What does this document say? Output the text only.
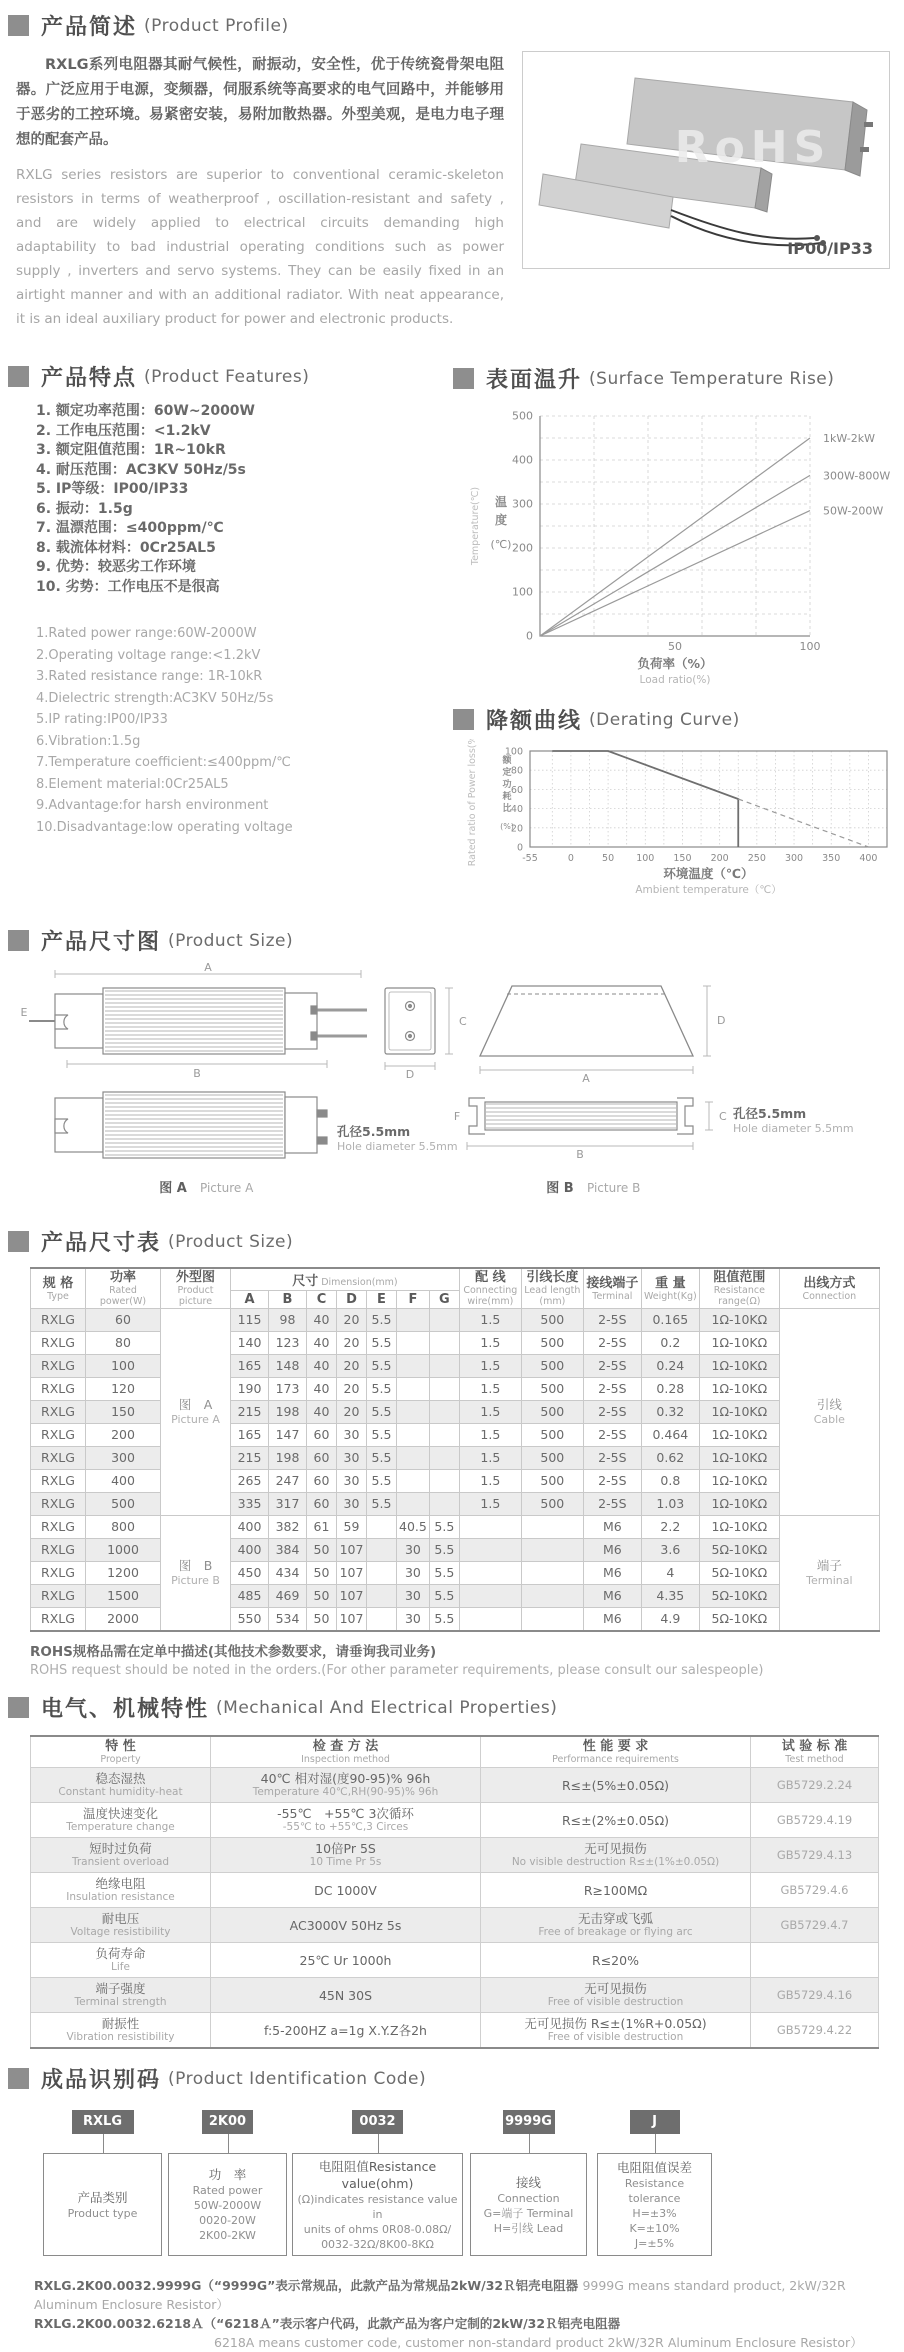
产品简述 (Product Profile)
RXLG系列电阻器其耐气候性，耐振动，安全性，优于传统瓷骨架电阻器。广泛应用于电源，变频器，伺服系统等高要求的电气回路中，并能够用于恶劣的工控环境。易紧密安装，易附加散热器。外型美观，是电力电子理想的配套产品。
RXLG series resistors are superior to conventional ceramic-skeleton resistors in terms of weatherproof , oscillation-resistant and safety , and are widely applied to electrical circuits demanding high adaptability to bad industrial operating conditions such as power supply , inverters and servo systems. They can be easily fixed in an airtight manner and with an additional radiator. With neat appearance, it is an ideal auxiliary product for power and electronic products.
RoHS
IP00/IP33
产品特点 (Product Features)
1. 额定功率范围：60W~2000W
2. 工作电压范围：<1.2kV
3. 额定阻值范围：1R~10kR
4. 耐压范围：AC3KV 50Hz/5s
5. IP等级：IP00/IP33
6. 振动：1.5g
7. 温漂范围：≤400ppm/℃
8. 载流体材料：0Cr25AL5
9. 优势：较恶劣工作环境
10. 劣势：工作电压不是很高
1.Rated power range:60W-2000W
2.Operating voltage range:<1.2kV
3.Rated resistance range: 1R-10kR
4.Dielectric strength:AC3KV 50Hz/5s
5.IP rating:IP00/IP33
6.Vibration:1.5g
7.Temperature coefficient:≤400ppm/℃
8.Element material:0Cr25AL5
9.Advantage:for harsh environment
10.Disadvantage:low operating voltage
表面温升 (Surface Temperature Rise)
0
100
200
300
400
500
50	100
1kW-2kW
300W-800W
50W-200W
负荷率（%）
Load ratio(%)
温
度
(℃)
Temperature(℃)
降额曲线 (Derating Curve)
0
20
40
60
80
100
-55	0	50 100 150 200 250 300 350 400
环境温度（℃）
Ambient temperature（℃）
额
定
功
耗
比
(%)
Rated ratio of Power loss(%)
产品尺寸图 (Product Size)
A
B
E
C
D	A
D
F	C
B
孔径5.5mm
Hole diameter 5.5mm
孔径5.5mm
Hole diameter 5.5mm
图 A Picture A	图 B Picture B
产品尺寸表 (Product Size)
规 格
Type

功率
Rated power(W)

外型图
Product picture
	尺寸 Dimension(mm)	配 线
Connecting wire(mm)

引线长度
Lead length (mm)

接线端子
Terminal

重 量
Weight(Kg)

阻值范围
Resistance range(Ω)

出线方式
Connection

			A	B	C	D	E	F	G						

RXLG	60	
图　A
Picture A
	115	98	40	20	5.5			1.5	500	2-5S	0.165	1Ω-10KΩ	
引线
Cable

RXLG	80		140	123	40	20	5.5			1.5	500	2-5S	0.2	1Ω-10KΩ	
RXLG	100		165	148	40	20	5.5			1.5	500	2-5S	0.24	1Ω-10KΩ	
RXLG	120		190	173	40	20	5.5			1.5	500	2-5S	0.28	1Ω-10KΩ	
RXLG	150		215	198	40	20	5.5			1.5	500	2-5S	0.32	1Ω-10KΩ	
RXLG	200		165	147	60	30	5.5			1.5	500	2-5S	0.464	1Ω-10KΩ	
RXLG	300		215	198	60	30	5.5			1.5	500	2-5S	0.62	1Ω-10KΩ	
RXLG	400		265	247	60	30	5.5			1.5	500	2-5S	0.8	1Ω-10KΩ	
RXLG	500		335	317	60	30	5.5			1.5	500	2-5S	1.03	1Ω-10KΩ	
RXLG	800	
图　B
Picture B
	400	382	61	59		40.5	5.5			M6	2.2	1Ω-10KΩ	
端子
Terminal

RXLG	1000		400	384	50	107		30	5.5			M6	3.6	5Ω-10KΩ	
RXLG	1200		450	434	50	107		30	5.5			M6	4	5Ω-10KΩ	
RXLG	1500		485	469	50	107		30	5.5			M6	4.35	5Ω-10KΩ	
RXLG	2000		550	534	50	107		30	5.5			M6	4.9	5Ω-10KΩ	
ROHS规格品需在定单中描述(其他技术参数要求，请垂询我司业务)
ROHS request should be noted in the orders.(For other parameter requirements, please consult our salespeople)
电气、机械特性 (Mechanical And Electrical Properties)
特 性
Property

检 查 方 法
Inspection method

性 能 要 求
Performance requirements

试 验 标 准
Test method

稳态湿热
Constant humidity-heat

40℃ 相对湿(度90-95)% 96h
Temperature 40℃,RH(90-95)% 96h	R≤±(5%±0.05Ω)	GB5729.2.24

温度快速变化
Temperature change

-55℃　+55℃ 3次循环
-55℃ to +55℃,3 Circes	R≤±(2%±0.05Ω)	GB5729.4.19

短时过负荷
Transient overload

10倍Pr 5S
10 Time Pr 5s

无可见损伤
No visible destruction R≤±(1%±0.05Ω)
	GB5729.4.13

绝缘电阻
Insulation resistance	DC 1000V	R≥100MΩ	GB5729.4.6

耐电压
Voltage resistibility	AC3000V 50Hz 5s	无击穿或飞弧
Free of breakage or flying arc
	GB5729.4.7

负荷寿命
Life	25℃ Ur 1000h	R≤20%	

端子强度
Terminal strength	45N 30S	无可见损伤
Free of visible destruction
	GB5729.4.16

耐振性
Vibration resistibility	f:5-200HZ a=1g X.Y.Z各2h	无可见损伤 R≤±(1%R+0.05Ω)
Free of visible destruction
	GB5729.4.22
成品识别码 (Product Identification Code)
RXLG
产品类别
Product type
2K00
功　率
Rated power
50W-2000W
0020-20W
2K00-2KW
0032
电阻阻值Resistance value(ohm)
(Ω)indicates resistance value in
units of ohms 0R08-0.08Ω/
0032-32Ω/8K00-8KΩ
9999G
接线
Connection
G=端子 Terminal
H=引线 Lead
J
电阻阻值误差
Resistance tolerance
H=±3%
K=±10%
J=±5%
RXLG.2K00.0032.9999G（“9999G”表示常规品，此款产品为常规品2kW/32Ｒ铝壳电阻器 9999G means standard product, 2kW/32R Aluminum Enclosure Resistor）
RXLG.2K00.0032.6218Ａ（“6218Ａ”表示客户代码，此款产品为客户定制的2kW/32Ｒ铝壳电阻器
6218A means customer code, customer non-standard product 2kW/32R Aluminum Enclosure Resistor）
